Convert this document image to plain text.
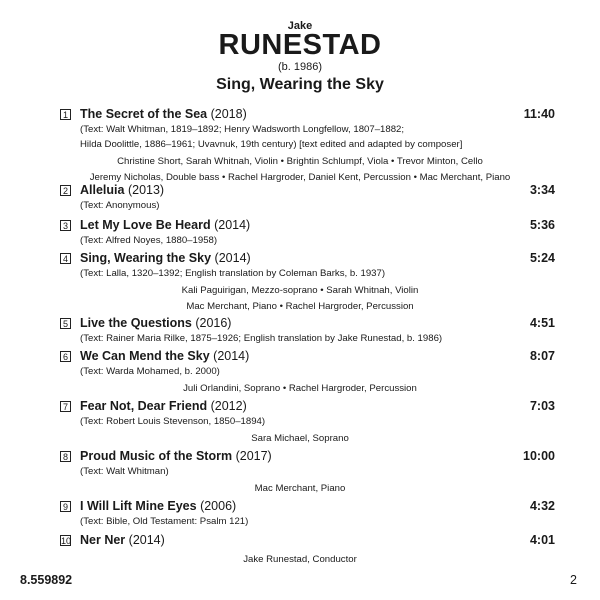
Jake
RUNESTAD
(b. 1986)
Sing, Wearing the Sky
1 The Secret of the Sea (2018)	11:40
(Text: Walt Whitman, 1819–1892; Henry Wadsworth Longfellow, 1807–1882;
Hilda Doolittle, 1886–1961; Uvavnuk, 19th century) [text edited and adapted by composer]
Christine Short, Sarah Whitnah, Violin • Brightin Schlumpf, Viola • Trevor Minton, Cello
Jeremy Nicholas, Double bass • Rachel Hargroder, Daniel Kent, Percussion • Mac Merchant, Piano
2 Alleluia (2013)	3:34
(Text: Anonymous)
3 Let My Love Be Heard (2014)	5:36
(Text: Alfred Noyes, 1880–1958)
4 Sing, Wearing the Sky (2014)	5:24
(Text: Lalla, 1320–1392; English translation by Coleman Barks, b. 1937)
Kali Paguirigan, Mezzo-soprano • Sarah Whitnah, Violin
Mac Merchant, Piano • Rachel Hargroder, Percussion
5 Live the Questions (2016)	4:51
(Text: Rainer Maria Rilke, 1875–1926; English translation by Jake Runestad, b. 1986)
6 We Can Mend the Sky (2014)	8:07
(Text: Warda Mohamed, b. 2000)
Juli Orlandini, Soprano • Rachel Hargroder, Percussion
7 Fear Not, Dear Friend (2012)	7:03
(Text: Robert Louis Stevenson, 1850–1894)
Sara Michael, Soprano
8 Proud Music of the Storm (2017)	10:00
(Text: Walt Whitman)
Mac Merchant, Piano
9 I Will Lift Mine Eyes (2006)	4:32
(Text: Bible, Old Testament: Psalm 121)
10 Ner Ner (2014)	4:01
Jake Runestad, Conductor
8.559892	2
